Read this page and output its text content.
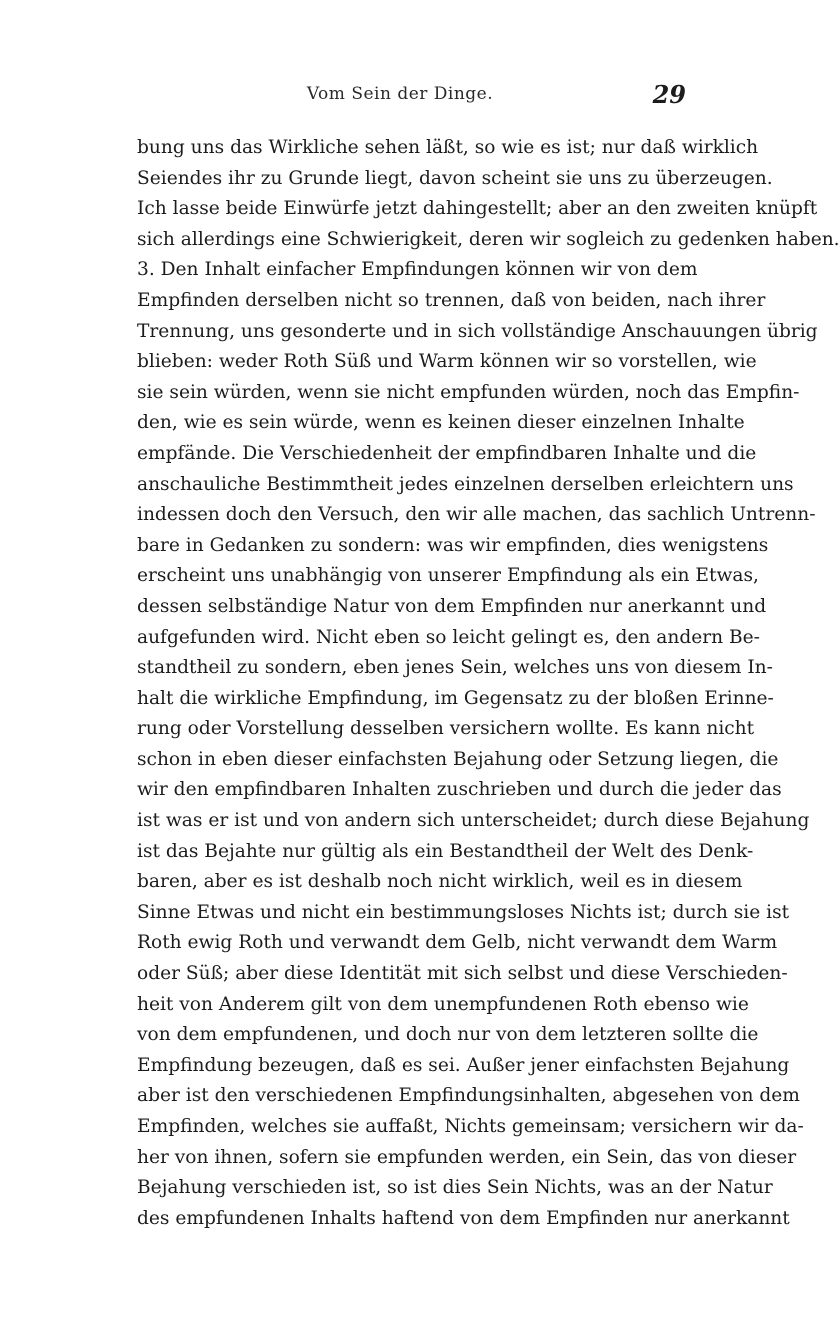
Vom Sein der Dinge.	29
bung uns das Wirkliche sehen läßt, so wie es ist; nur daß wirklich
Seiendes ihr zu Grunde liegt, davon scheint sie uns zu überzeugen.
Ich lasse beide Einwürfe jetzt dahingestellt; aber an den zweiten knüpft
sich allerdings eine Schwierigkeit, deren wir sogleich zu gedenken haben.
3. Den Inhalt einfacher Empfindungen können wir von dem
Empfinden derselben nicht so trennen, daß von beiden, nach ihrer
Trennung, uns gesonderte und in sich vollständige Anschauungen übrig
blieben: weder Roth Süß und Warm können wir so vorstellen, wie
sie sein würden, wenn sie nicht empfunden würden, noch das Empfin-
den, wie es sein würde, wenn es keinen dieser einzelnen Inhalte
empfände. Die Verschiedenheit der empfindbaren Inhalte und die
anschauliche Bestimmtheit jedes einzelnen derselben erleichtern uns
indessen doch den Versuch, den wir alle machen, das sachlich Untrenn-
bare in Gedanken zu sondern: was wir empfinden, dies wenigstens
erscheint uns unabhängig von unserer Empfindung als ein Etwas,
dessen selbständige Natur von dem Empfinden nur anerkannt und
aufgefunden wird. Nicht eben so leicht gelingt es, den andern Be-
standtheil zu sondern, eben jenes Sein, welches uns von diesem In-
halt die wirkliche Empfindung, im Gegensatz zu der bloßen Erinne-
rung oder Vorstellung desselben versichern wollte. Es kann nicht
schon in eben dieser einfachsten Bejahung oder Setzung liegen, die
wir den empfindbaren Inhalten zuschrieben und durch die jeder das
ist was er ist und von andern sich unterscheidet; durch diese Bejahung
ist das Bejahte nur gültig als ein Bestandtheil der Welt des Denk-
baren, aber es ist deshalb noch nicht wirklich, weil es in diesem
Sinne Etwas und nicht ein bestimmungsloses Nichts ist; durch sie ist
Roth ewig Roth und verwandt dem Gelb, nicht verwandt dem Warm
oder Süß; aber diese Identität mit sich selbst und diese Verschieden-
heit von Anderem gilt von dem unempfundenen Roth ebenso wie
von dem empfundenen, und doch nur von dem letzteren sollte die
Empfindung bezeugen, daß es sei. Außer jener einfachsten Bejahung
aber ist den verschiedenen Empfindungsinhalten, abgesehen von dem
Empfinden, welches sie auffaßt, Nichts gemeinsam; versichern wir da-
her von ihnen, sofern sie empfunden werden, ein Sein, das von dieser
Bejahung verschieden ist, so ist dies Sein Nichts, was an der Natur
des empfundenen Inhalts haftend von dem Empfinden nur anerkannt
